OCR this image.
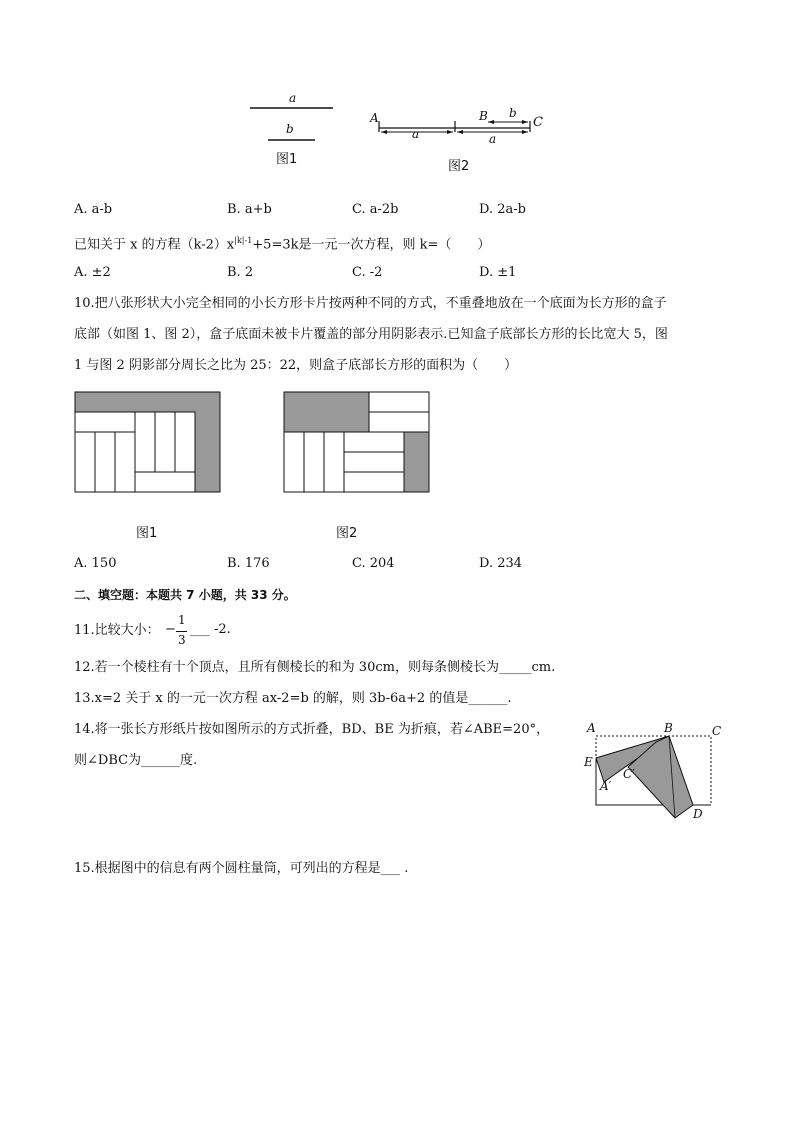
a
b
图1
A	B b
C
a	a
图2
A. a-b	B. a+b	C. a-2b	D. 2a-b
已知关于 x 的方程$(k-2)x^{|k|-1}+5=3k$是一元一次方程，则 k=（　　）
A. ±2	B. 2	C. -2	D. ±1
10.把八张形状大小完全相同的小长方形卡片按两种不同的方式，不重叠地放在一个底面为长方形的盒子
底部（如图 1、图 2），盒子底面未被卡片覆盖的部分用阴影表示.已知盒子底部长方形的长比宽大 5，图
1 与图 2 阴影部分周长之比为 25：22，则盒子底部长方形的面积为（　　）
图1	图2
A. 150	B. 176	C. 204	D. 234
二、填空题：本题共 7 小题，共 33 分。
11.比较大小： −
1
3
___ -2.
12.若一个棱柱有十个顶点，且所有侧棱长的和为 30cm，则每条侧棱长为_____cm.
13.x=2 关于 x 的一元一次方程 ax-2=b 的解，则 3b-6a+2 的值是______.
14.将一张长方形纸片按如图所示的方式折叠，BD、BE 为折痕，若∠ABE=20°，
则∠DBC为______度.
A	B	C
E
C′
A′
D
15.根据图中的信息有两个圆柱量筒，可列出的方程是___ .
